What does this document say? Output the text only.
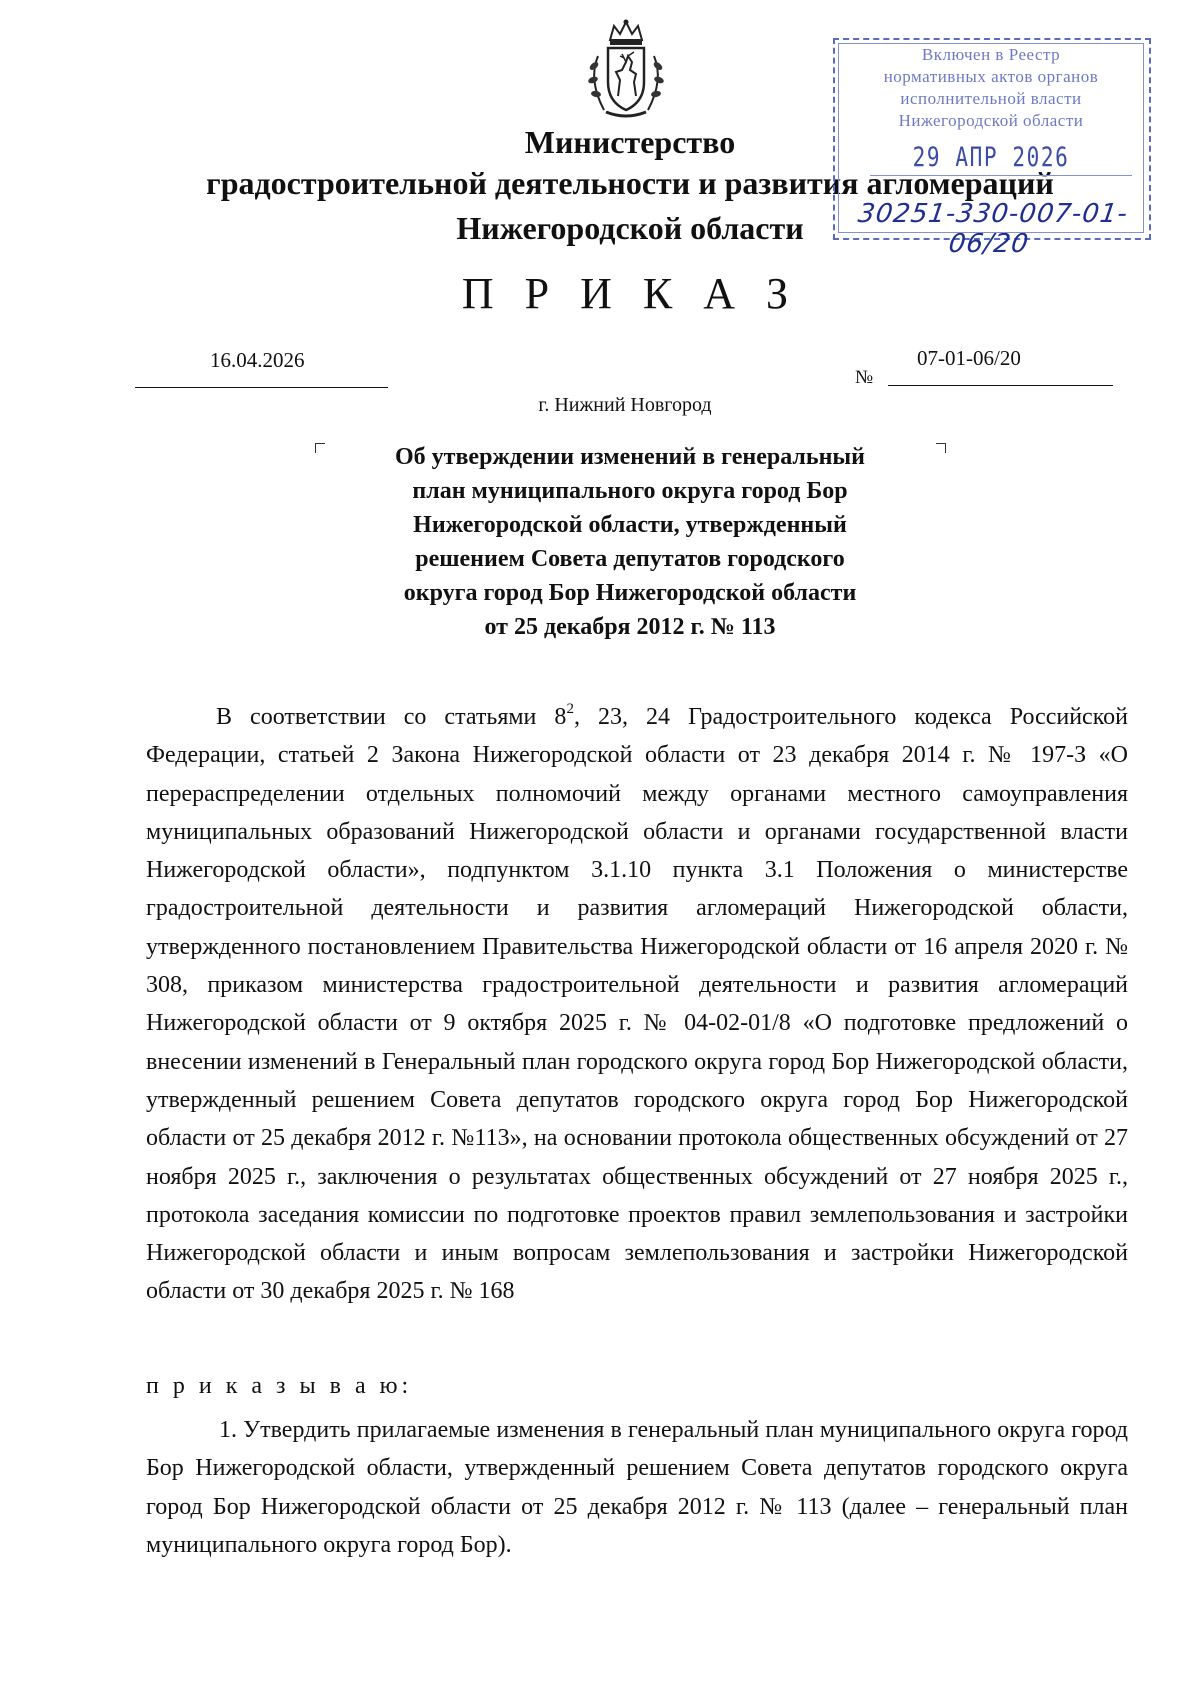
Министерство
градостроительной деятельности и развития агломераций
Нижегородской области
П Р И К А З
16.04.2026
№
07-01-06/20
г. Нижний Новгород
Об утверждении изменений в генеральный
план муниципального округа город Бор
Нижегородской области, утвержденный
решением Совета депутатов городского
округа город Бор Нижегородской области
от 25 декабря 2012 г. № 113
В соответствии со статьями $8^2$, 23, 24 Градостроительного кодекса Российской Федерации, статьей 2 Закона Нижегородской области от 23 декабря 2014 г. № 197-З «О перераспределении отдельных полномочий между органами местного самоуправления муниципальных образований Нижегородской области и органами государственной власти Нижегородской области», подпунктом 3.1.10 пункта 3.1 Положения о министерстве градостроительной деятельности и развития агломераций Нижегородской области, утвержденного постановлением Правительства Нижегородской области от 16 апреля 2020 г. № 308, приказом министерства градостроительной деятельности и развития агломераций Нижегородской области от 9 октября 2025 г. № 04-02-01/8 «О подготовке предложений о внесении изменений в Генеральный план городского округа город Бор Нижегородской области, утвержденный решением Совета депутатов городского округа город Бор Нижегородской области от 25 декабря 2012 г. №113», на основании протокола общественных обсуждений от 27 ноября 2025 г., заключения о результатах общественных обсуждений от 27 ноября 2025 г., протокола заседания комиссии по подготовке проектов правил землепользования и застройки Нижегородской области и иным вопросам землепользования и застройки Нижегородской области от 30 декабря 2025 г. № 168
п р и к а з ы в а ю:
1. Утвердить прилагаемые изменения в генеральный план муниципального округа город Бор Нижегородской области, утвержденный решением Совета депутатов городского округа город Бор Нижегородской области от 25 декабря 2012 г. № 113 (далее – генеральный план муниципального округа город Бор).
Включен в Реестр
нормативных актов органов
исполнительной власти
Нижегородской области
29 АПР 2026
30251-330-007-01-06/20
